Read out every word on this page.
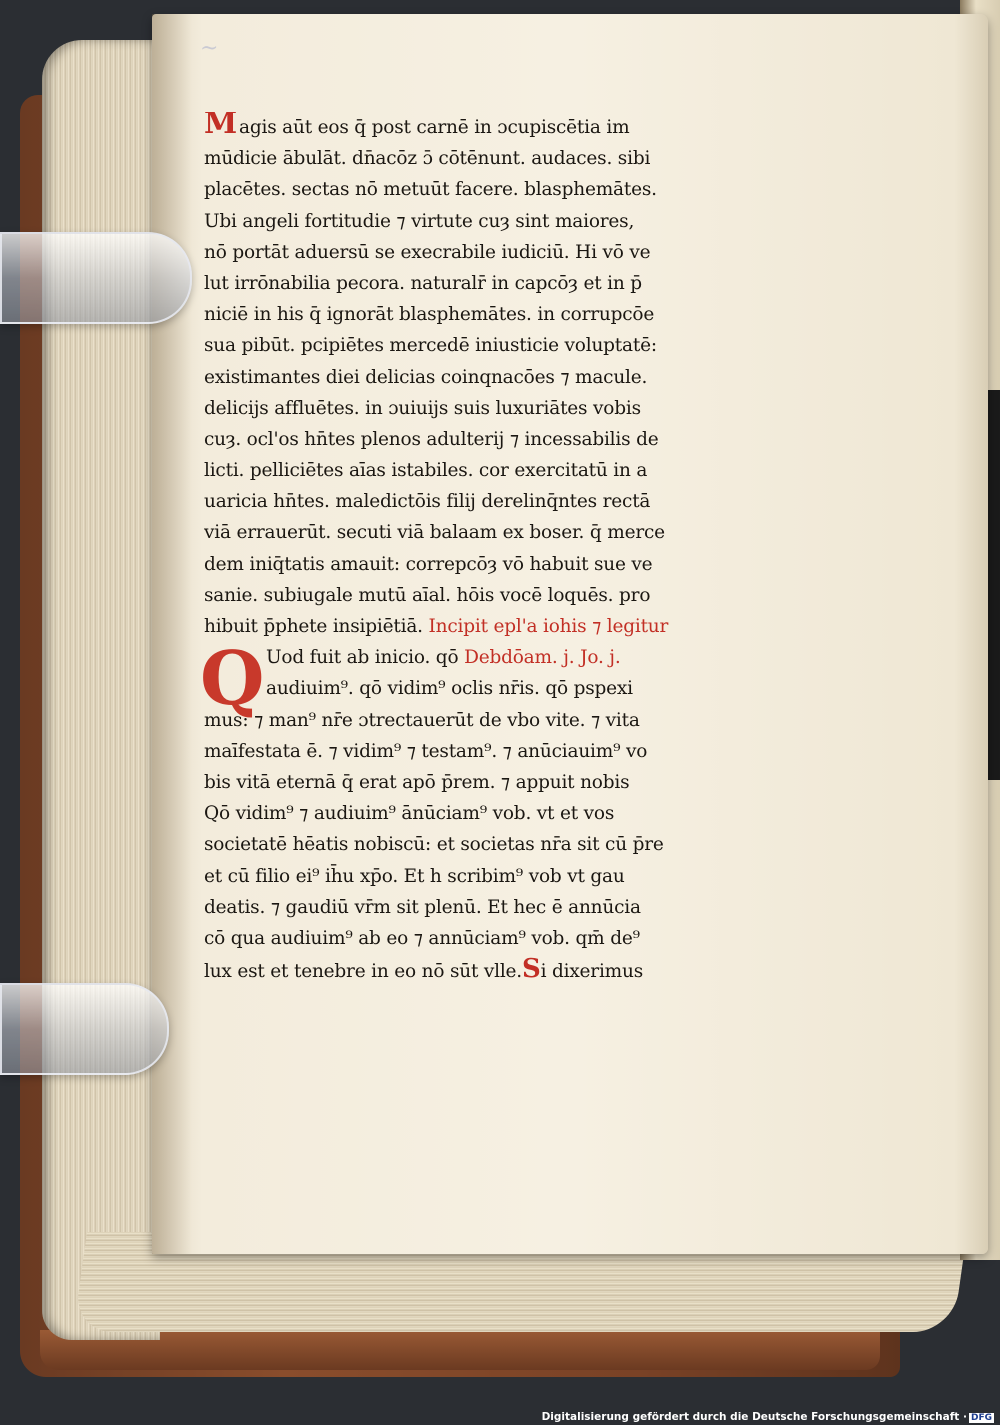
~
Magis aūt eos q̄ post carnē in ɔcupiscētia im
mūdicie ābulāt. dn̄acōz ɔ̄ cōtēnunt. audaces. sibi
placētes. sectas nō metuūt facere. blasphemātes.
Ubi angeli fortitudie ⁊ virtute cuȝ sint maiores,
nō portāt aduersū se execrabile iudiciū. Hi vō ve
lut irrōnabilia pecora. naturalr̄ in capcōȝ et in p̄
niciē in his q̄ ignorāt blasphemātes. in corrupcōe
sua pibūt. pcipiētes mercedē iniusticie voluptatē:
existimantes diei delicias coinqnacōes ⁊ macule.
delicijs affluētes. in ɔuiuijs suis luxuriātes vobis
cuȝ. ocl'os hn̄tes plenos adulterij ⁊ incessabilis de
licti. pelliciētes aīas istabiles. cor exercitatū in a
uaricia hn̄tes. maledictōis filij derelinq̄ntes rectā
viā errauerūt. secuti viā balaam ex boser. q̄ merce
dem iniq̄tatis amauit: correpcōȝ vō habuit sue ve
sanie. subiugale mutū aīal. hōis vocē loquēs. pro
hibuit p̄phete insipiētiā. Incipit epl'a iohis ⁊ legitur
Q Uod fuit ab inicio. qō Debdōam. j. Jo. j.
audiuim⁹. qō vidim⁹ oclis nr̄is. qō pspexi
mus: ⁊ man⁹ nr̄e ɔtrectauerūt de vbo vite. ⁊ vita
maīfestata ē. ⁊ vidim⁹ ⁊ testam⁹. ⁊ anūciauim⁹ vo
bis vitā eternā q̄ erat apō p̄rem. ⁊ appuit nobis
Qō vidim⁹ ⁊ audiuim⁹ ānūciam⁹ vob. vt et vos
societatē hēatis nobiscū: et societas nr̄a sit cū p̄re
et cū filio ei⁹ ih̄u xp̄o. Et h scribim⁹ vob vt gau
deatis. ⁊ gaudiū vr̄m sit plenū. Et hec ē annūcia
cō qua audiuim⁹ ab eo ⁊ annūciam⁹ vob. qm̄ de⁹
lux est et tenebre in eo nō sūt vlle.Si dixerimus
Digitalisierung gefördert durch die Deutsche Forschungsgemeinschaft · DFG
